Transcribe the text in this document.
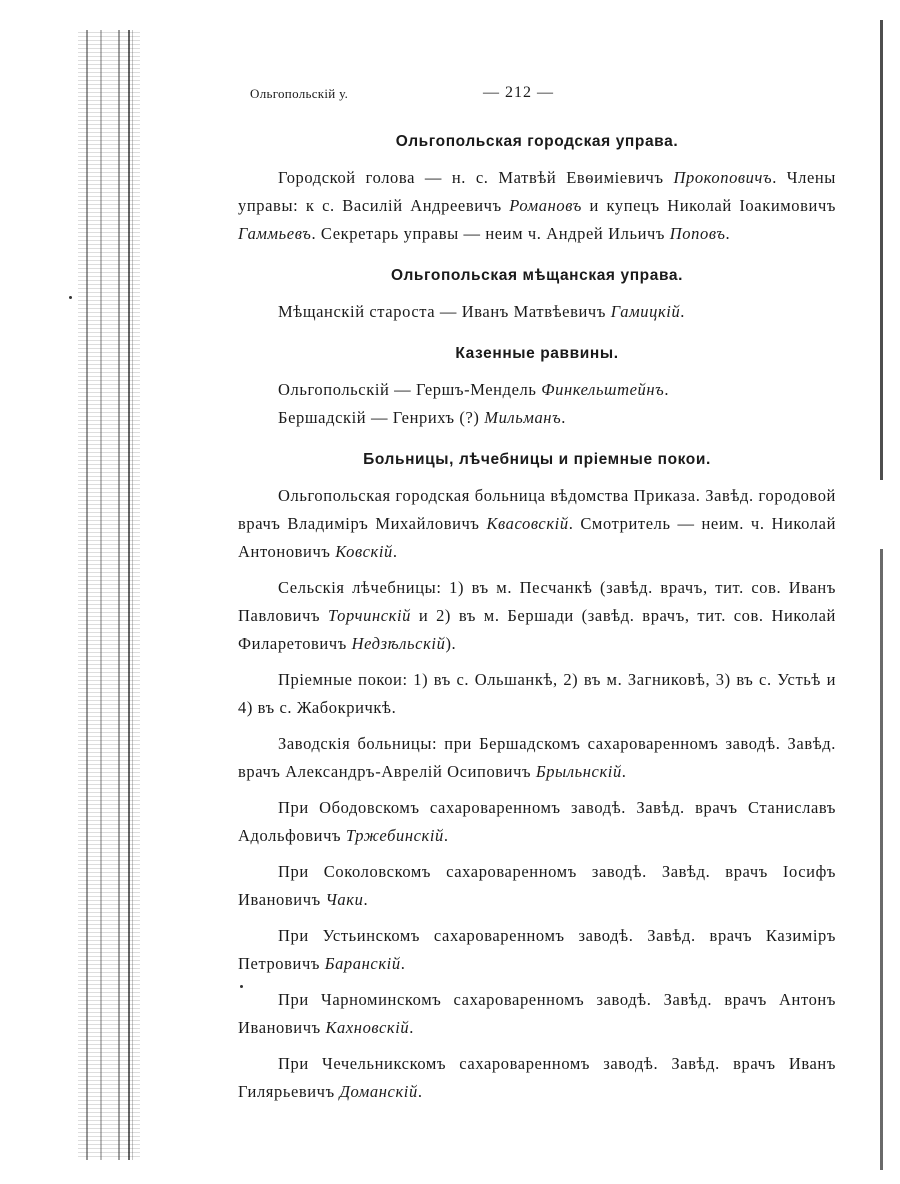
Ольгопольскій у.	— 212 —
Ольгопольская городская управа.

Городской голова — н. с. Матвѣй Евѳиміевичъ Прокоповичъ. Члены управы: к с. Василій Андреевичъ Романовъ и купецъ Николай Іоакимовичъ Гаммьевъ. Секретарь управы — неим ч. Андрей Ильичъ Поповъ.

Ольгопольская мѣщанская управа.

Мѣщанскій староста — Иванъ Матвѣевичъ Гамицкій.

Казенные раввины.

Ольгопольскій — Гершъ-Мендель Финкельштейнъ.

Бершадскій — Генрихъ (?) Мильманъ.

Больницы, лѣчебницы и пріемные покои.

Ольгопольская городская больница вѣдомства Приказа. Завѣд. городовой врачъ Владиміръ Михайловичъ Квасовскій. Смотритель — неим. ч. Николай Антоновичъ Ковскій.

Сельскія лѣчебницы: 1) въ м. Песчанкѣ (завѣд. врачъ, тит. сов. Иванъ Павловичъ Торчинскій и 2) въ м. Бершади (завѣд. врачъ, тит. сов. Николай Филаретовичъ Недзѣльскій).

Пріемные покои: 1) въ с. Ольшанкѣ, 2) въ м. Загниковѣ, 3) въ с. Устьѣ и 4) въ с. Жабокричкѣ.

Заводскія больницы: при Бершадскомъ сахароваренномъ заводѣ. Завѣд. врачъ Александръ-Аврелій Осиповичъ Брыльнскій.

При Ободовскомъ сахароваренномъ заводѣ. Завѣд. врачъ Станиславъ Адольфовичъ Тржебинскій.

При Соколовскомъ сахароваренномъ заводѣ. Завѣд. врачъ Іосифъ Ивановичъ Чаки.

При Устьинскомъ сахароваренномъ заводѣ. Завѣд. врачъ Казиміръ Петровичъ Баранскій.

При Чарноминскомъ сахароваренномъ заводѣ. Завѣд. врачъ Антонъ Ивановичъ Кахновскій.

При Чечельникскомъ сахароваренномъ заводѣ. Завѣд. врачъ Иванъ Гилярьевичъ Доманскій.
